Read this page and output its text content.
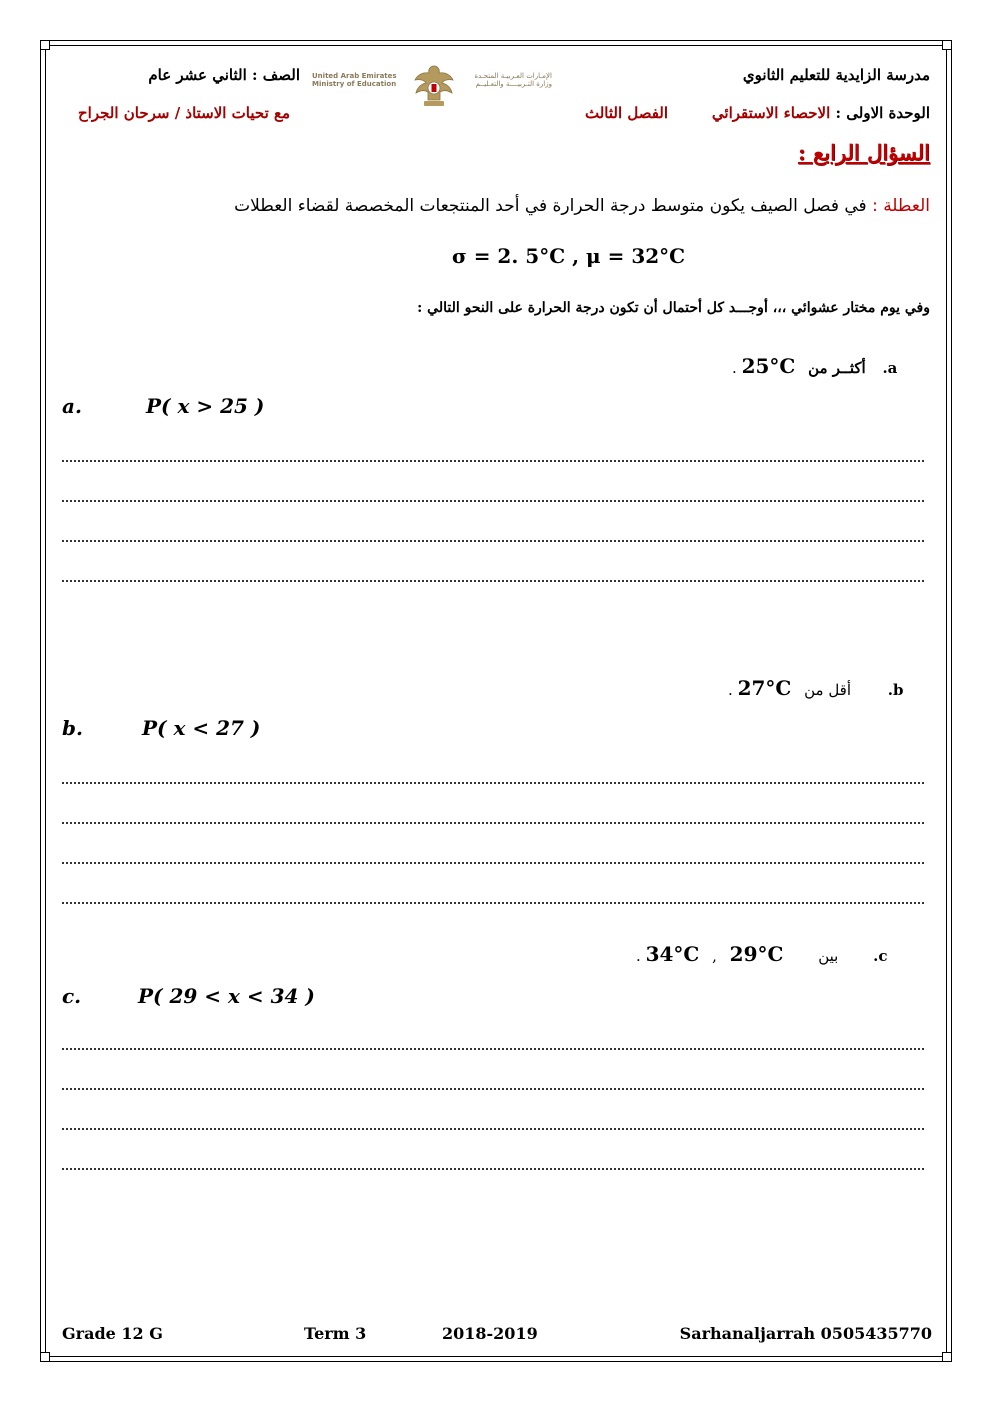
مدرسة الزايدية للتعليم الثانوي
الصف : الثاني عشر عام
الوحدة الاولى : الاحصاء الاستقرائي
الفصل الثالث
مع تحيات الاستاذ / سرحان الجراح
United Arab Emirates
Ministry of Education
الإمـارات العـربيـة المتحـدة
وزارة التـربيــــة والتعـليــم
السؤال الرابع :
العطلة : في فصل الصيف يكون متوسط درجة الحرارة في أحد المنتجعات المخصصة لقضاء العطلات
σ = 2. 5°C , μ = 32°C
وفي يوم مختار عشوائي ،،، أوجـــد كل أحتمال أن تكون درجة الحرارة على النحو التالي :
. 25°C أكثــر من .a
a.	P( x > 25 )
. 27°C أقل من .b
b.	P( x < 27 )
. 34°C , 29°C بين .c
c.	P( 29 < x < 34 )
Grade 12 G	Term 3	2018-2019	Sarhanaljarrah 0505435770
